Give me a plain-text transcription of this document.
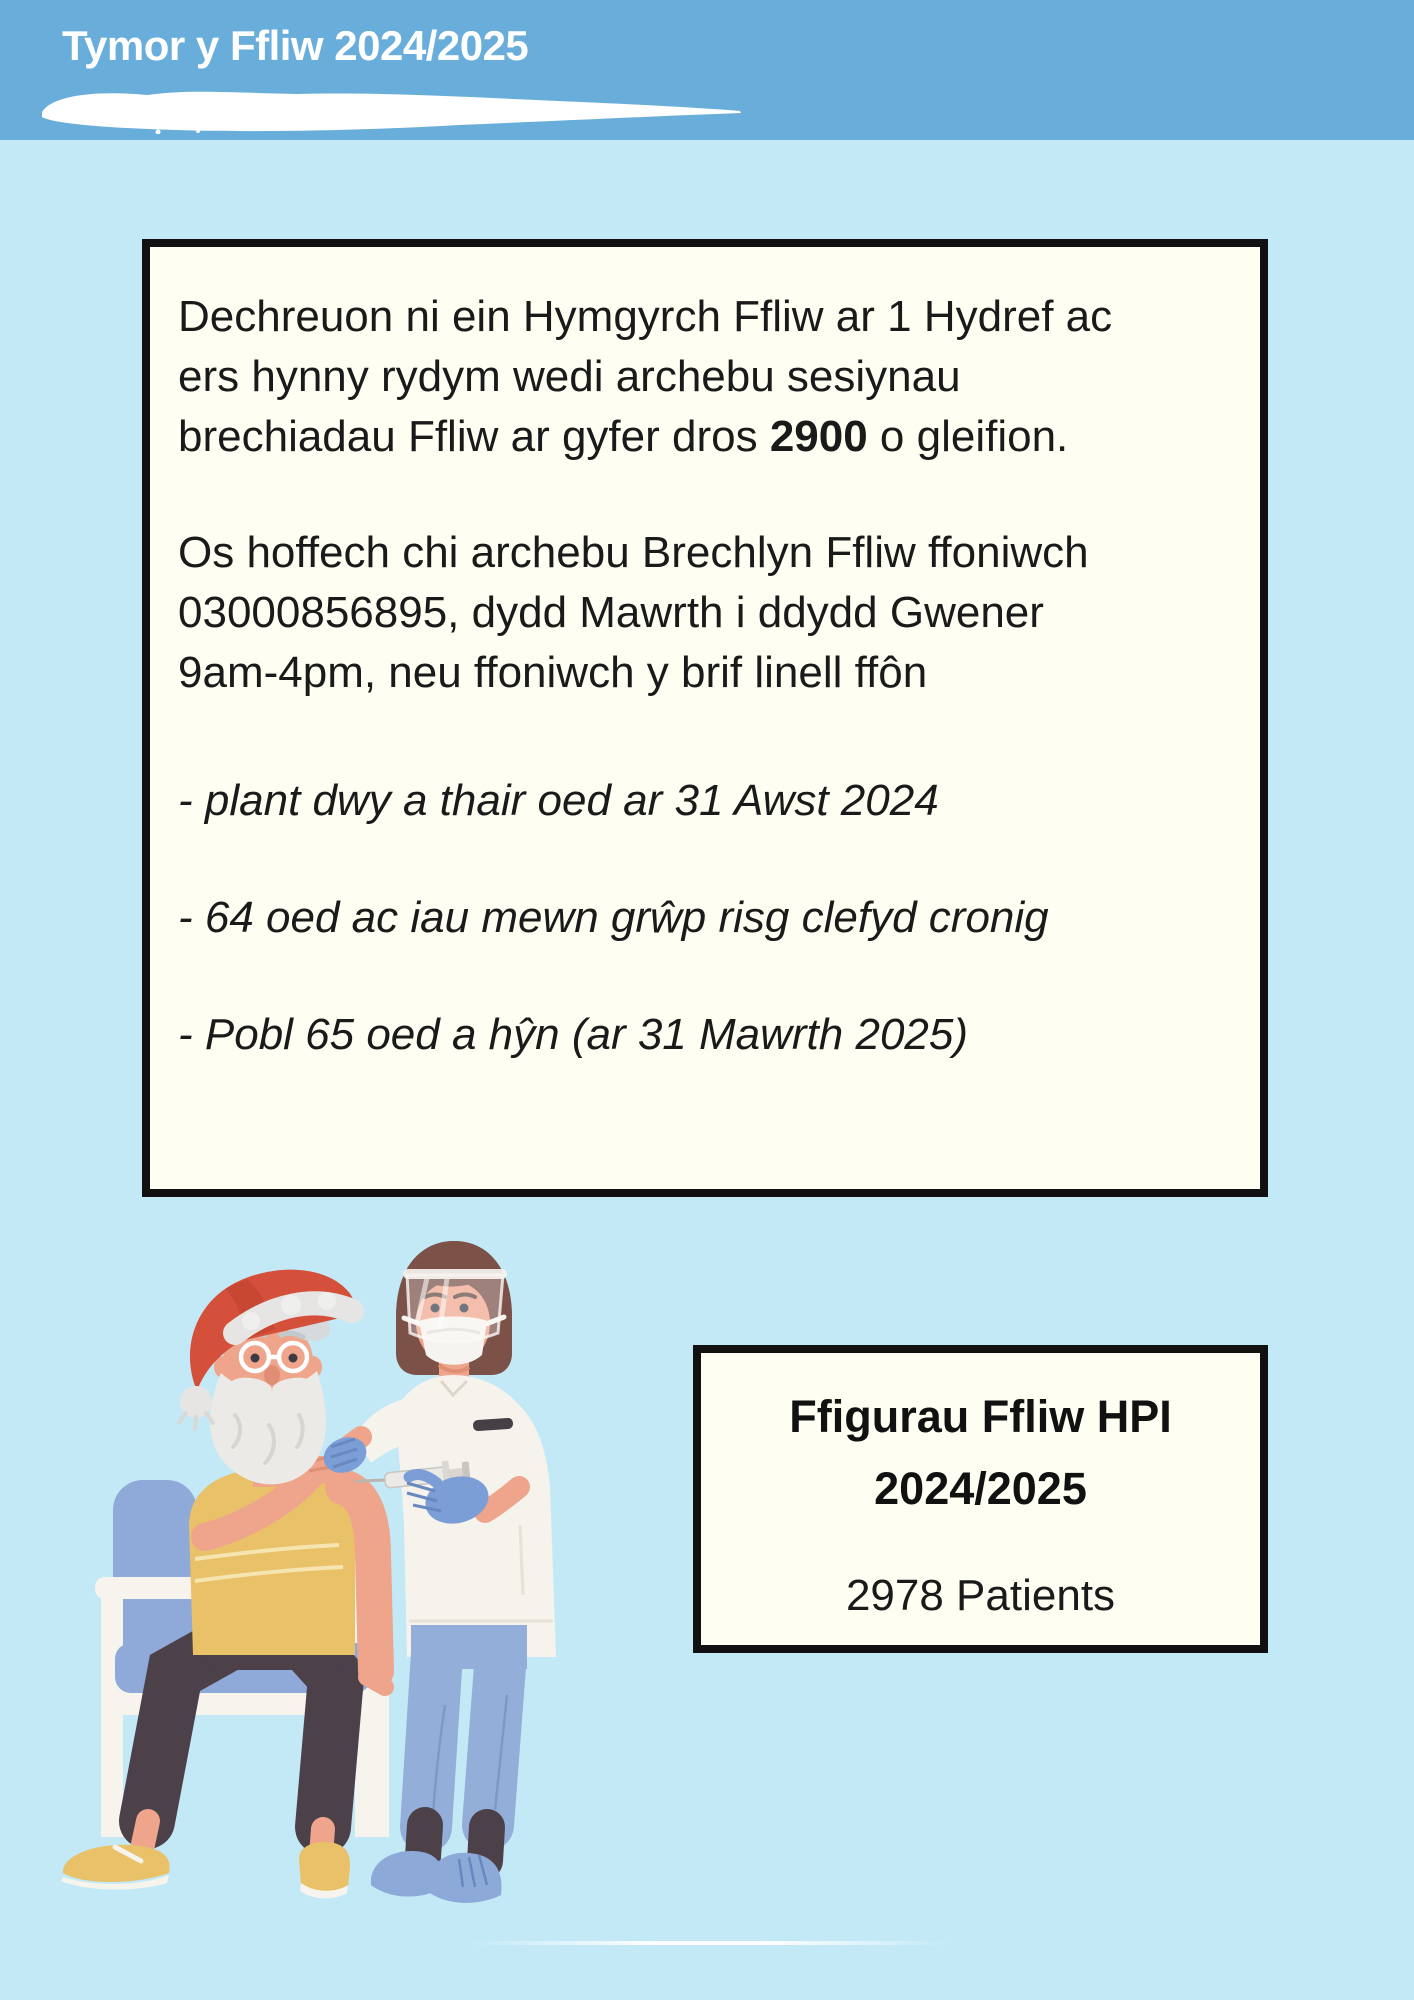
Tymor y Ffliw 2024/2025
Dechreuon ni ein Hymgyrch Ffliw ar 1 Hydref ac
ers hynny rydym wedi archebu sesiynau
brechiadau Ffliw ar gyfer dros 2900 o gleifion.
Os hoffech chi archebu Brechlyn Ffliw ffoniwch
03000856895, dydd Mawrth i ddydd Gwener
9am-4pm, neu ffoniwch y brif linell ffôn
- plant dwy a thair oed ar 31 Awst 2024
- 64 oed ac iau mewn grŵp risg clefyd cronig
- Pobl 65 oed a hŷn (ar 31 Mawrth 2025)
Ffigurau Ffliw HPI
2024/2025
2978 Patients
